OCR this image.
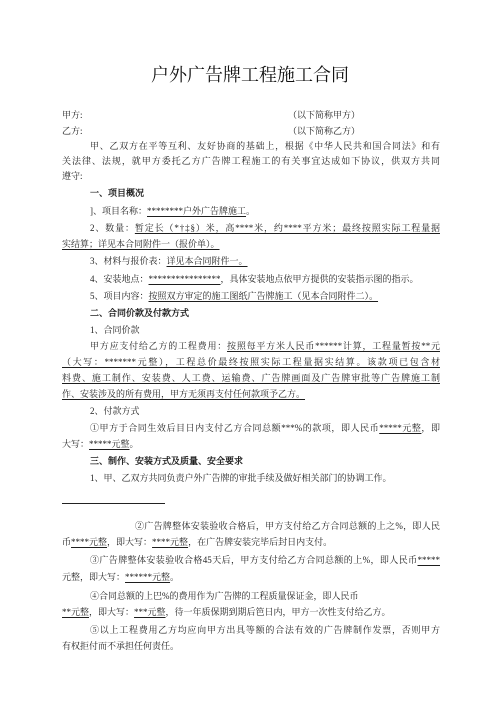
户外广告牌工程施工合同
甲方:	（以下简称甲方）
乙方:	（以下简称乙方）
甲、乙双方在平等互利、友好协商的基础上，根据《中华人民共和国合同法》和有
关法律、法规，就甲方委托乙方广告牌工程施工的有关事宜达成如下协议，供双方共同
遵守:
一、项目概况
]、项目名称：********户外广告牌施工。
2、数量：暂定长（*†‡§）米，高****米，约****平方米；最终按照实际工程量据
实结算；详见本合同附件一（报价单）。
3、材料与报价表：详见本合同附件一。
4、安装地点：****************，具体安装地点依甲方提供的安装指示图的指示。
5、项目内容：按照双方审定的施工图纸广告牌施工（见本合同附件二）。
二、合同价款及付款方式
1、合同价款
甲方应支付给乙方的工程费用：按照每平方米人民币******计算，工程量暂按**元
（大写：*******元整），工程总价最终按照实际工程量据实结算。该款项已包含材
料费、施工制作、安装费、人工费、运输费、广告牌画面及广告牌审批等广告牌施工制
作、安装涉及的所有费用，甲方无须再支付任何款项予乙方。
2、付款方式
①甲方于合同生效后目日内支付乙方合同总额***%的款项，即人民币*****元整，即
大写：*****元整。
三、制作、安装方式及质量、安全要求
1、甲、乙双方共同负责户外广告牌的审批手续及做好相关部门的协调工作。
②广告牌整体安装验收合格后，甲方支付给乙方合同总额的上之%，即人民
币****元整，即大写：****元整，在广告牌安装完毕后封日内支付。
③广告牌整体安装验收合格45天后，甲方支付给乙方合同总额的上%，即人民币*****
元整，即大写：******元整。
④合同总额的上巴%的费用作为广告牌的工程质量保证金，即人民币
**元整，即大写：***元整，待一年质保期到期后笆日内，甲方一次性支付给乙方。
⑤以上工程费用乙方均应向甲方出具等额的合法有效的广告牌制作发票，否则甲方
有权拒付而不承担任何责任。
